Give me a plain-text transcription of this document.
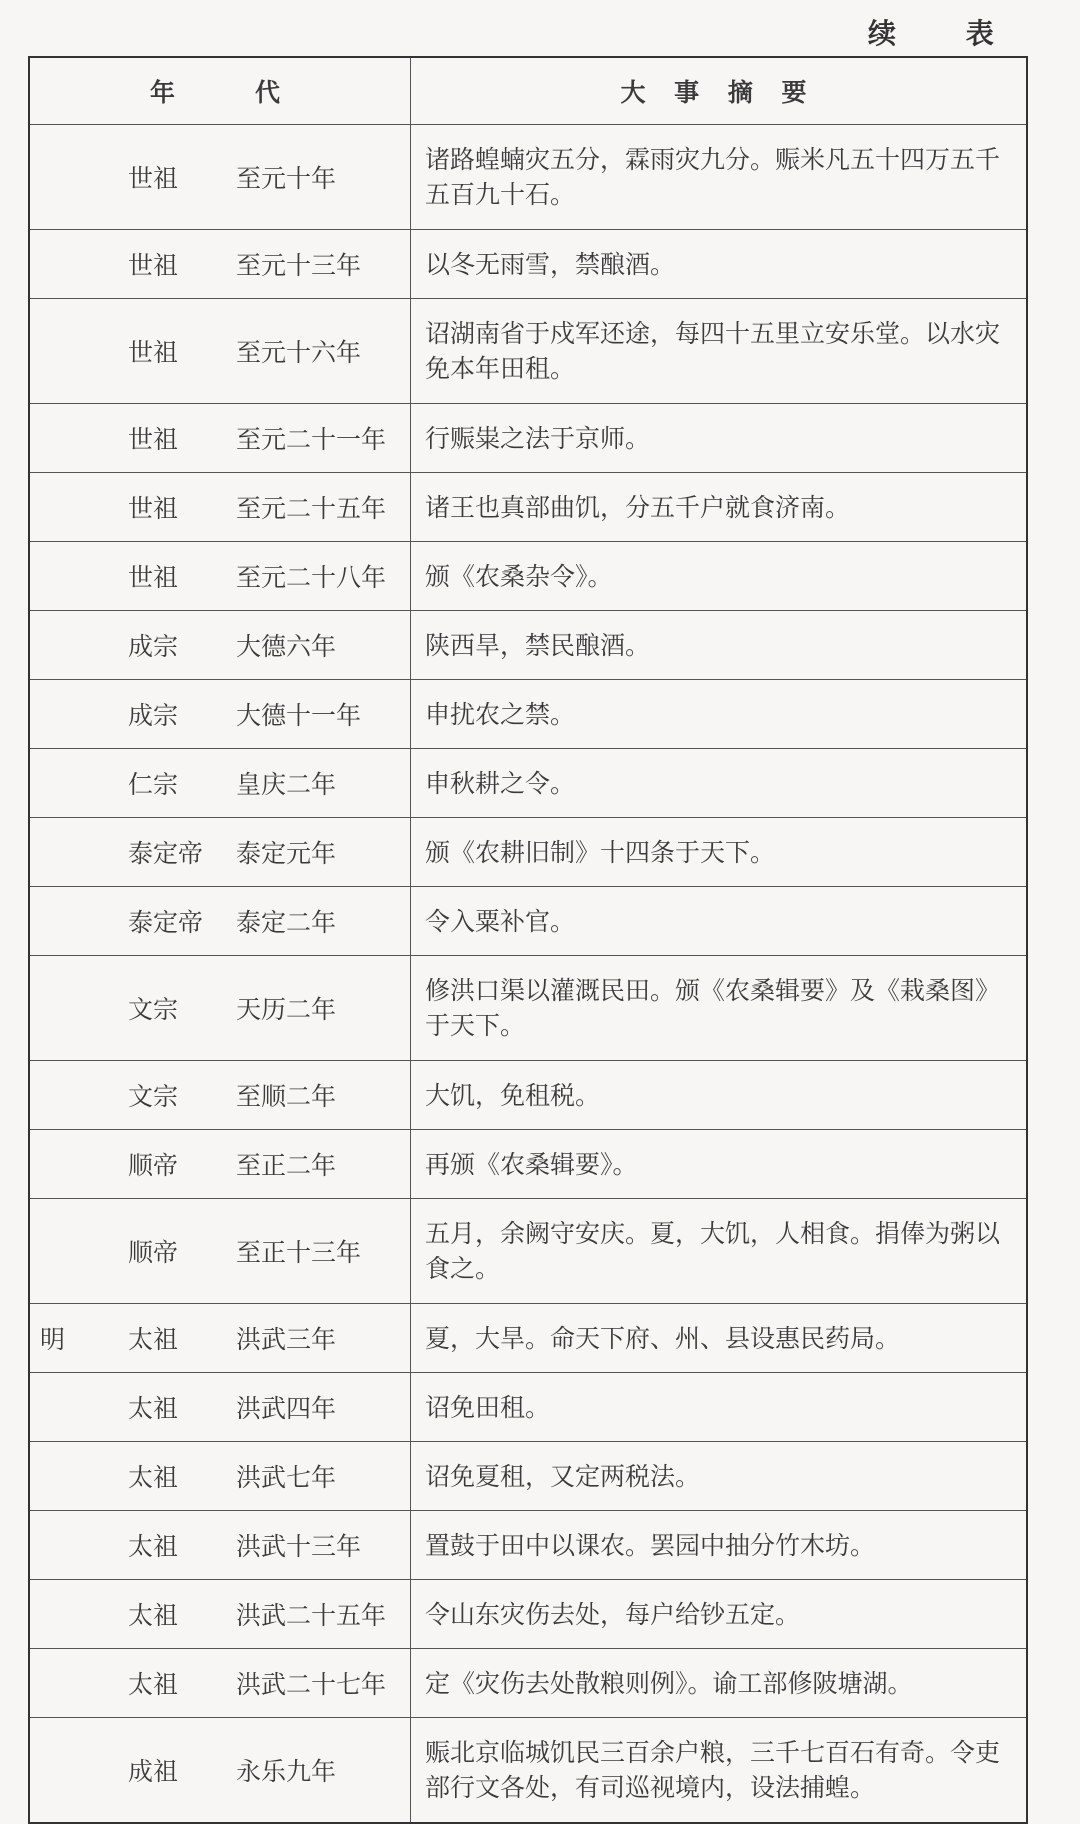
续 表
年　　代	大 事 摘 要

世祖 至元十年	诸路蝗蝻灾五分，霖雨灾九分。赈米凡五十四万五千五百九十石。

世祖 至元十三年	以冬无雨雪，禁酿酒。

世祖 至元十六年	诏湖南省于戍军还途，每四十五里立安乐堂。以水灾免本年田租。

世祖 至元二十一年	行赈粜之法于京师。

世祖 至元二十五年	诸王也真部曲饥，分五千户就食济南。

世祖 至元二十八年	颁《农桑杂令》。

成宗 大德六年	陕西旱，禁民酿酒。

成宗 大德十一年	申扰农之禁。

仁宗 皇庆二年	申秋耕之令。

泰定帝 泰定元年	颁《农耕旧制》十四条于天下。

泰定帝 泰定二年	令入粟补官。

文宗 天历二年	修洪口渠以灌溉民田。颁《农桑辑要》及《栽桑图》于天下。

文宗 至顺二年	大饥，免租税。

顺帝 至正二年	再颁《农桑辑要》。

顺帝 至正十三年	五月，余阙守安庆。夏，大饥，人相食。捐俸为粥以食之。

明 太祖 洪武三年	夏，大旱。命天下府、州、县设惠民药局。

太祖 洪武四年	诏免田租。

太祖 洪武七年	诏免夏租，又定两税法。

太祖 洪武十三年	置鼓于田中以课农。罢园中抽分竹木坊。

太祖 洪武二十五年	令山东灾伤去处，每户给钞五定。

太祖 洪武二十七年	定《灾伤去处散粮则例》。谕工部修陂塘湖。

成祖 永乐九年	赈北京临城饥民三百余户粮，三千七百石有奇。令吏部行文各处，有司巡视境内，设法捕蝗。
